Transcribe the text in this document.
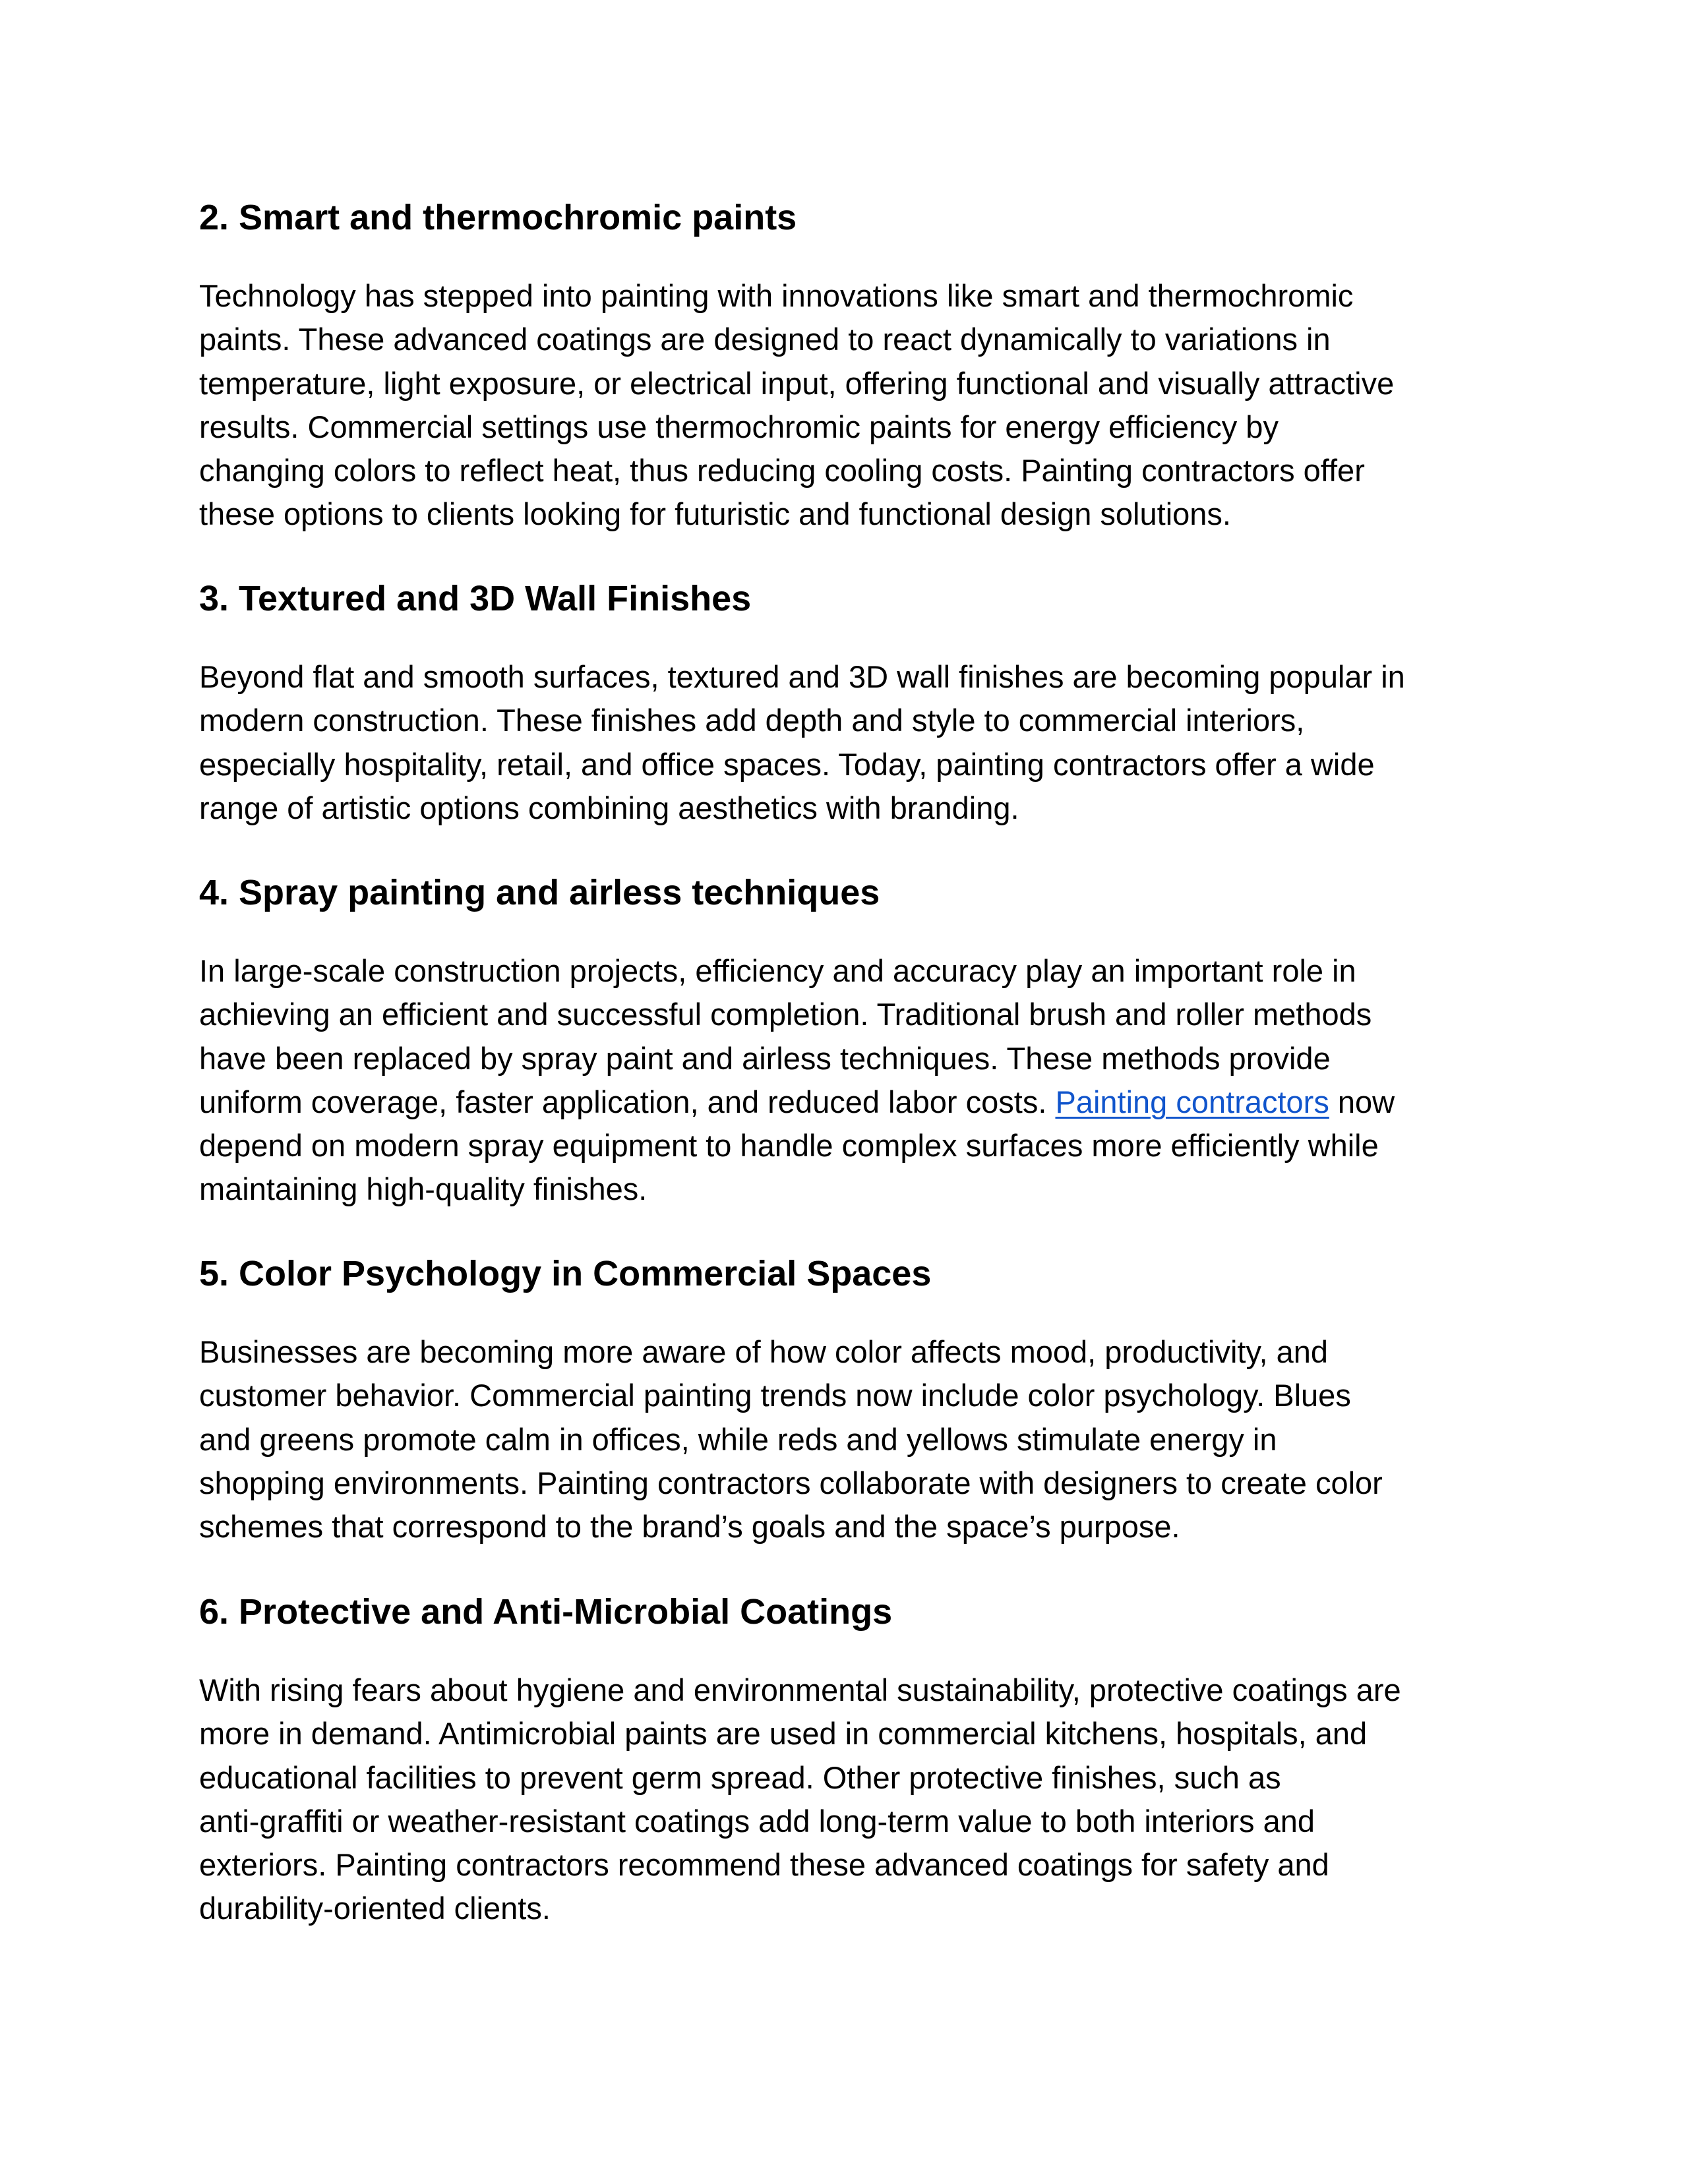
2. Smart and thermochromic paints

Technology has stepped into painting with innovations like smart and thermochromic
paints. These advanced coatings are designed to react dynamically to variations in
temperature, light exposure, or electrical input, offering functional and visually attractive
results. Commercial settings use thermochromic paints for energy efficiency by
changing colors to reflect heat, thus reducing cooling costs. Painting contractors offer
these options to clients looking for futuristic and functional design solutions.

3. Textured and 3D Wall Finishes

Beyond flat and smooth surfaces, textured and 3D wall finishes are becoming popular in
modern construction. These finishes add depth and style to commercial interiors,
especially hospitality, retail, and office spaces. Today, painting contractors offer a wide
range of artistic options combining aesthetics with branding.

4. Spray painting and airless techniques

In large-scale construction projects, efficiency and accuracy play an important role in
achieving an efficient and successful completion. Traditional brush and roller methods
have been replaced by spray paint and airless techniques. These methods provide
uniform coverage, faster application, and reduced labor costs. Painting contractors now
depend on modern spray equipment to handle complex surfaces more efficiently while
maintaining high-quality finishes.

5. Color Psychology in Commercial Spaces

Businesses are becoming more aware of how color affects mood, productivity, and
customer behavior. Commercial painting trends now include color psychology. Blues
and greens promote calm in offices, while reds and yellows stimulate energy in
shopping environments. Painting contractors collaborate with designers to create color
schemes that correspond to the brand’s goals and the space’s purpose.

6. Protective and Anti-Microbial Coatings

With rising fears about hygiene and environmental sustainability, protective coatings are
more in demand. Antimicrobial paints are used in commercial kitchens, hospitals, and
educational facilities to prevent germ spread. Other protective finishes, such as
anti-graffiti or weather-resistant coatings add long-term value to both interiors and
exteriors. Painting contractors recommend these advanced coatings for safety and
durability-oriented clients.
